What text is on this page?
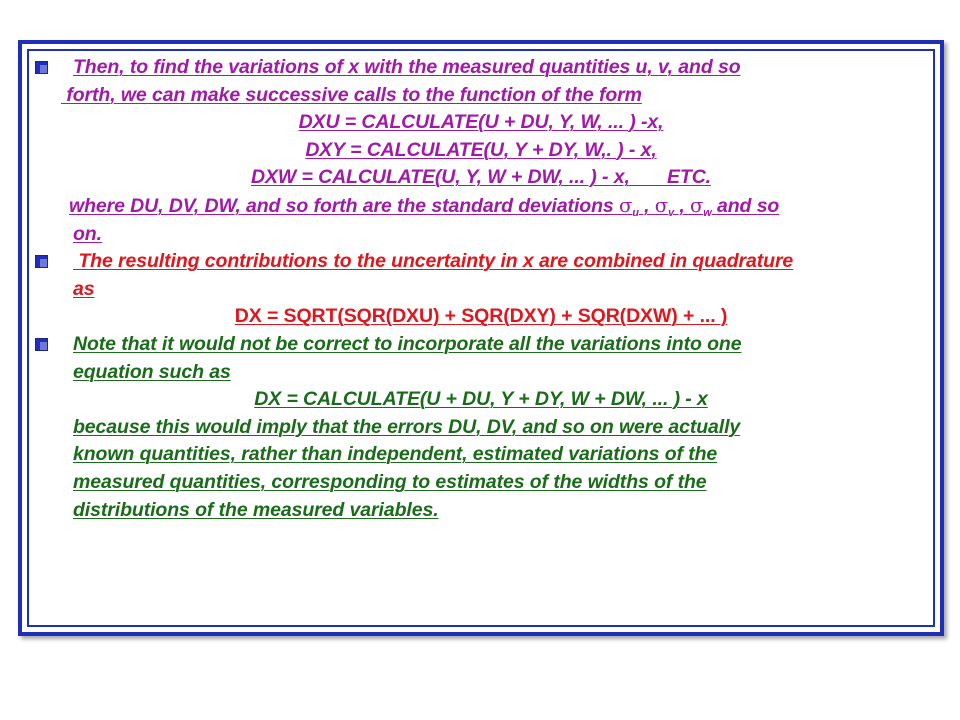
Then, to find the variations of x with the measured quantities u, v, and so
forth, we can make successive calls to the function of the form
DXU = CALCULATE(U + DU, Y, W, ... ) -x,
DXY = CALCULATE(U, Y + DY, W,. ) - x,
DXW = CALCULATE(U, Y, W + DW, ... ) - x,       ETC.
where DU, DV, DW, and so forth are the standard deviations $\sigma_u$ , $\sigma_v$ , $\sigma_w$ and so
on.
The resulting contributions to the uncertainty in x are combined in quadrature
as
DX = SQRT(SQR(DXU) + SQR(DXY) + SQR(DXW) + ... )
Note that it would not be correct to incorporate all the variations into one
equation such as
DX = CALCULATE(U + DU, Y + DY, W + DW, ... ) - x
because this would imply that the errors DU, DV, and so on were actually
known quantities, rather than independent, estimated variations of the
measured quantities, corresponding to estimates of the widths of the
distributions of the measured variables.
